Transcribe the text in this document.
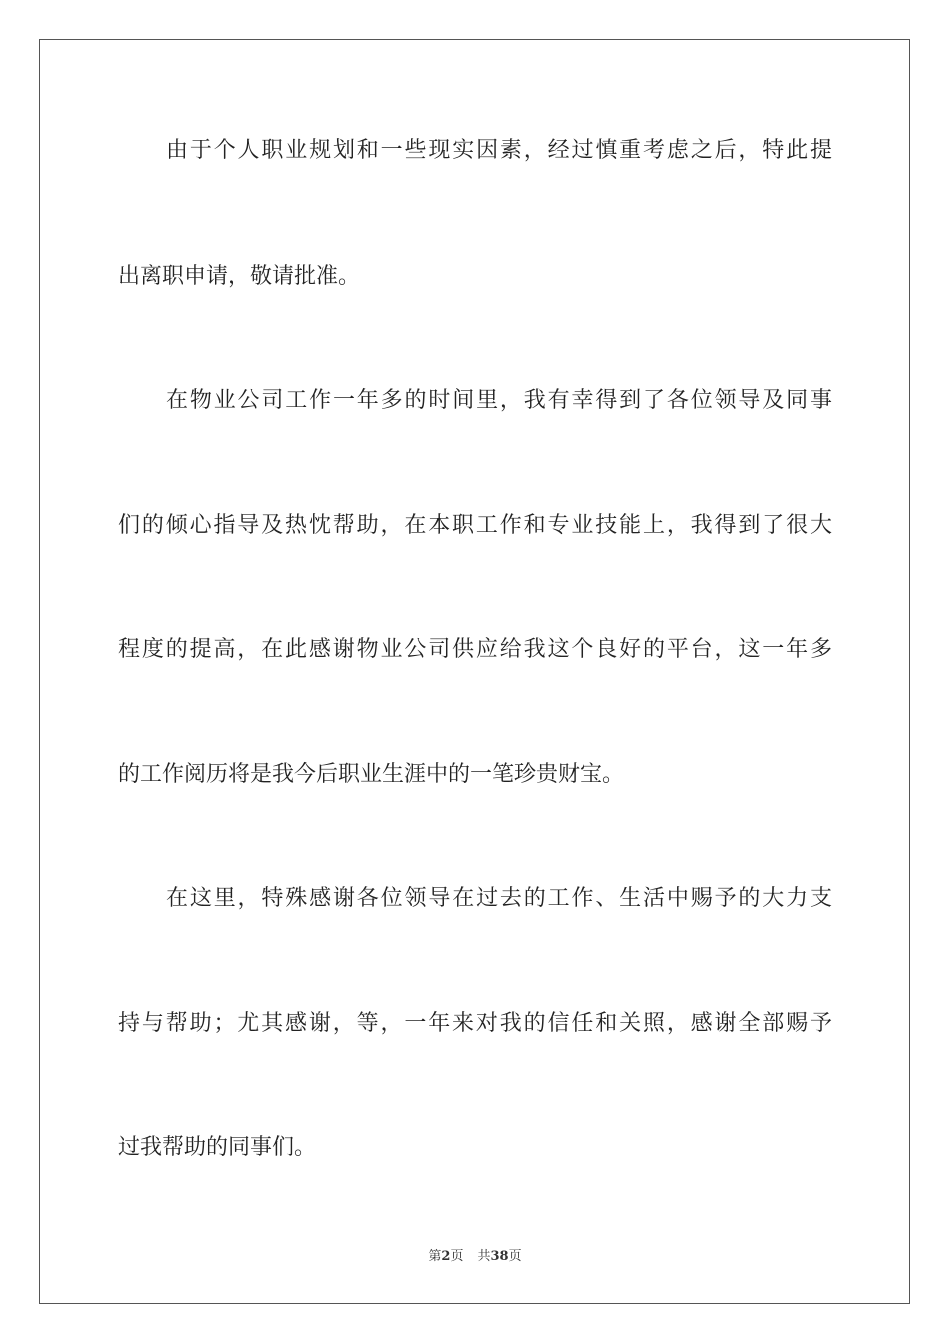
由于个人职业规划和一些现实因素，经过慎重考虑之后，特此提
出离职申请，敬请批准。
在物业公司工作一年多的时间里，我有幸得到了各位领导及同事
们的倾心指导及热忱帮助，在本职工作和专业技能上，我得到了很大
程度的提高，在此感谢物业公司供应给我这个良好的平台，这一年多
的工作阅历将是我今后职业生涯中的一笔珍贵财宝。
在这里，特殊感谢各位领导在过去的工作、生活中赐予的大力支
持与帮助；尤其感谢，等，一年来对我的信任和关照，感谢全部赐予
过我帮助的同事们。
第2页 共38页
